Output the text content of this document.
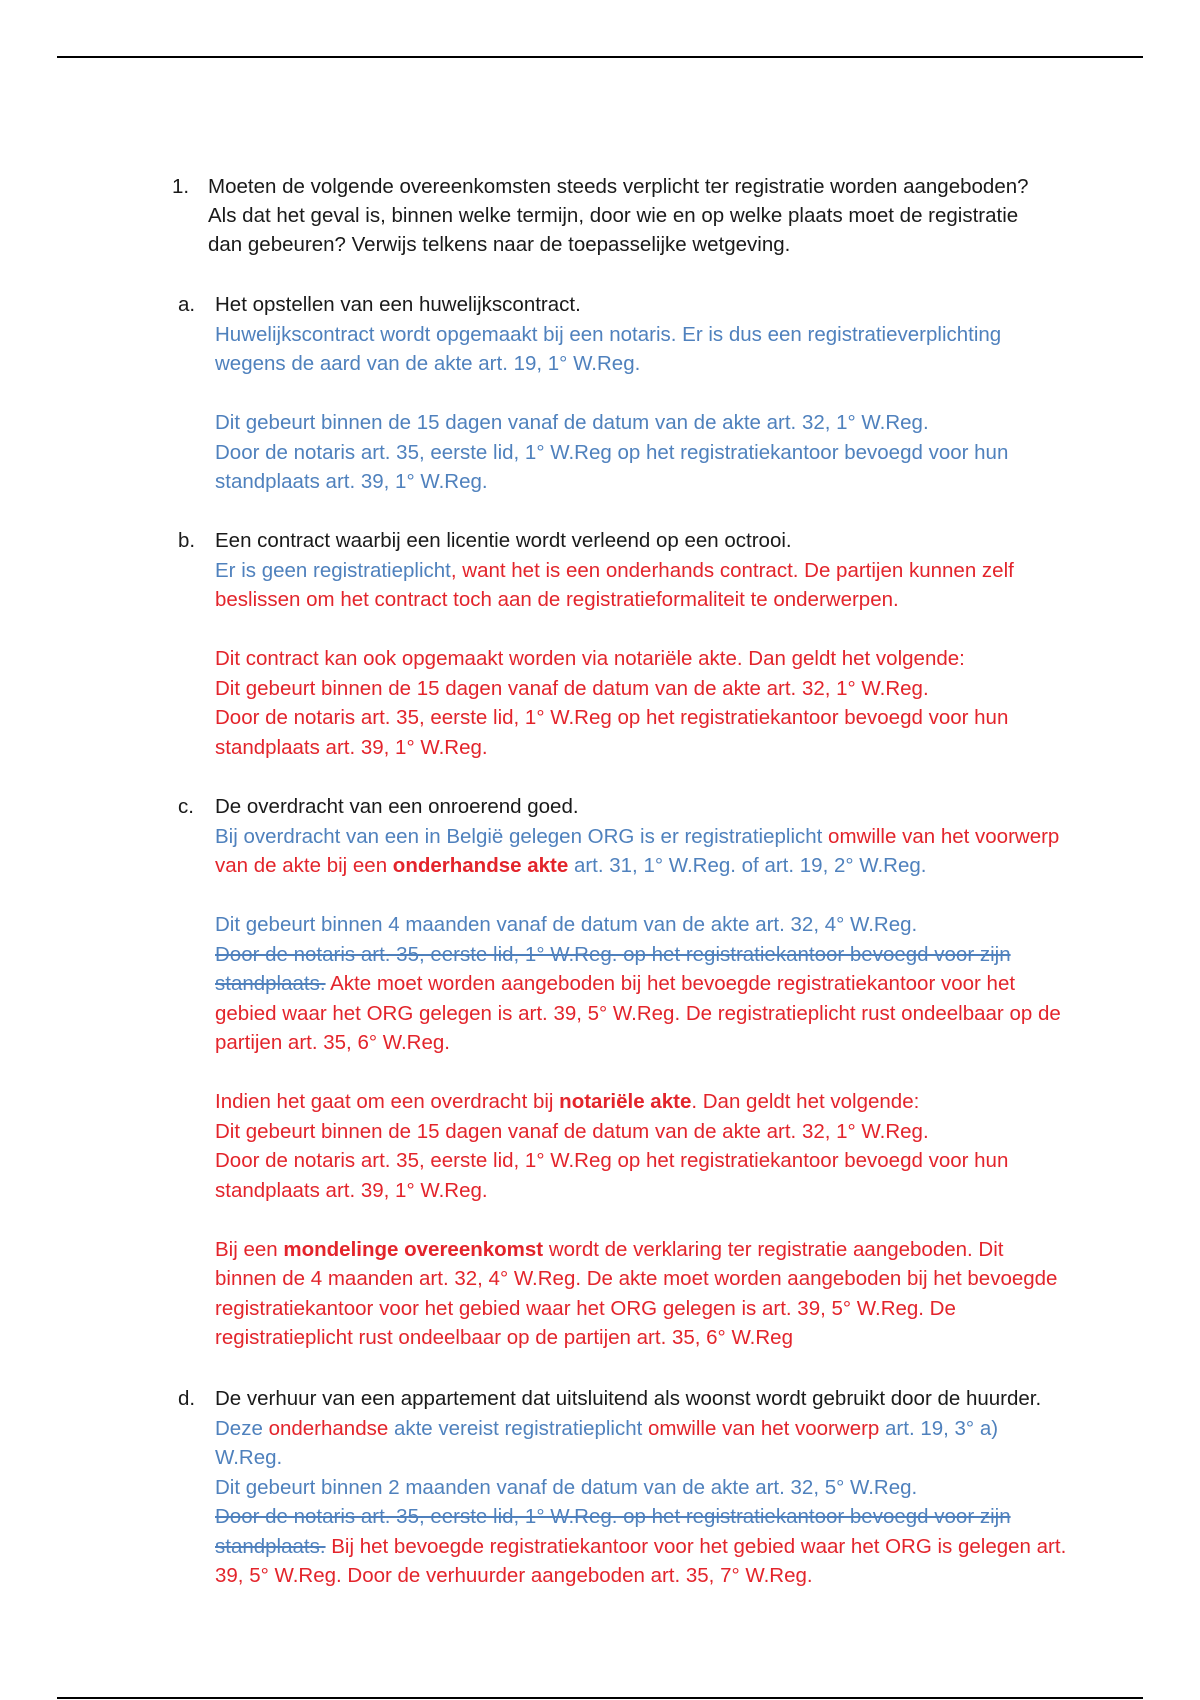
1. Moeten de volgende overeenkomsten steeds verplicht ter registratie worden aangeboden? Als dat het geval is, binnen welke termijn, door wie en op welke plaats moet de registratie dan gebeuren? Verwijs telkens naar de toepasselijke wetgeving.
a. Het opstellen van een huwelijkscontract.

Huwelijkscontract wordt opgemaakt bij een notaris. Er is dus een registratieverplichting wegens de aard van de akte art. 19, 1° W.Reg.

Dit gebeurt binnen de 15 dagen vanaf de datum van de akte art. 32, 1° W.Reg.

Door de notaris art. 35, eerste lid, 1° W.Reg op het registratiekantoor bevoegd voor hun standplaats art. 39, 1° W.Reg.

b. Een contract waarbij een licentie wordt verleend op een octrooi.

Er is geen registratieplicht, want het is een onderhands contract. De partijen kunnen zelf beslissen om het contract toch aan de registratieformaliteit te onderwerpen.

Dit contract kan ook opgemaakt worden via notariële akte. Dan geldt het volgende:

Dit gebeurt binnen de 15 dagen vanaf de datum van de akte art. 32, 1° W.Reg.

Door de notaris art. 35, eerste lid, 1° W.Reg op het registratiekantoor bevoegd voor hun standplaats art. 39, 1° W.Reg.

c. De overdracht van een onroerend goed.

Bij overdracht van een in België gelegen ORG is er registratieplicht omwille van het voorwerp van de akte bij een onderhandse akte art. 31, 1° W.Reg. of art. 19, 2° W.Reg.

Dit gebeurt binnen 4 maanden vanaf de datum van de akte art. 32, 4° W.Reg.

Door de notaris art. 35, eerste lid, 1° W.Reg. op het registratiekantoor bevoegd voor zijn standplaats. Akte moet worden aangeboden bij het bevoegde registratiekantoor voor het gebied waar het ORG gelegen is art. 39, 5° W.Reg. De registratieplicht rust ondeelbaar op de partijen art. 35, 6° W.Reg.

Indien het gaat om een overdracht bij notariële akte. Dan geldt het volgende:

Dit gebeurt binnen de 15 dagen vanaf de datum van de akte art. 32, 1° W.Reg.

Door de notaris art. 35, eerste lid, 1° W.Reg op het registratiekantoor bevoegd voor hun standplaats art. 39, 1° W.Reg.

Bij een mondelinge overeenkomst wordt de verklaring ter registratie aangeboden. Dit binnen de 4 maanden art. 32, 4° W.Reg. De akte moet worden aangeboden bij het bevoegde registratiekantoor voor het gebied waar het ORG gelegen is art. 39, 5° W.Reg. De registratieplicht rust ondeelbaar op de partijen art. 35, 6° W.Reg

d. De verhuur van een appartement dat uitsluitend als woonst wordt gebruikt door de huurder.

Deze onderhandse akte vereist registratieplicht omwille van het voorwerp art. 19, 3° a) W.Reg.

Dit gebeurt binnen 2 maanden vanaf de datum van de akte art. 32, 5° W.Reg.

Door de notaris art. 35, eerste lid, 1° W.Reg. op het registratiekantoor bevoegd voor zijn standplaats. Bij het bevoegde registratiekantoor voor het gebied waar het ORG is gelegen art. 39, 5° W.Reg. Door de verhuurder aangeboden art. 35, 7° W.Reg.
